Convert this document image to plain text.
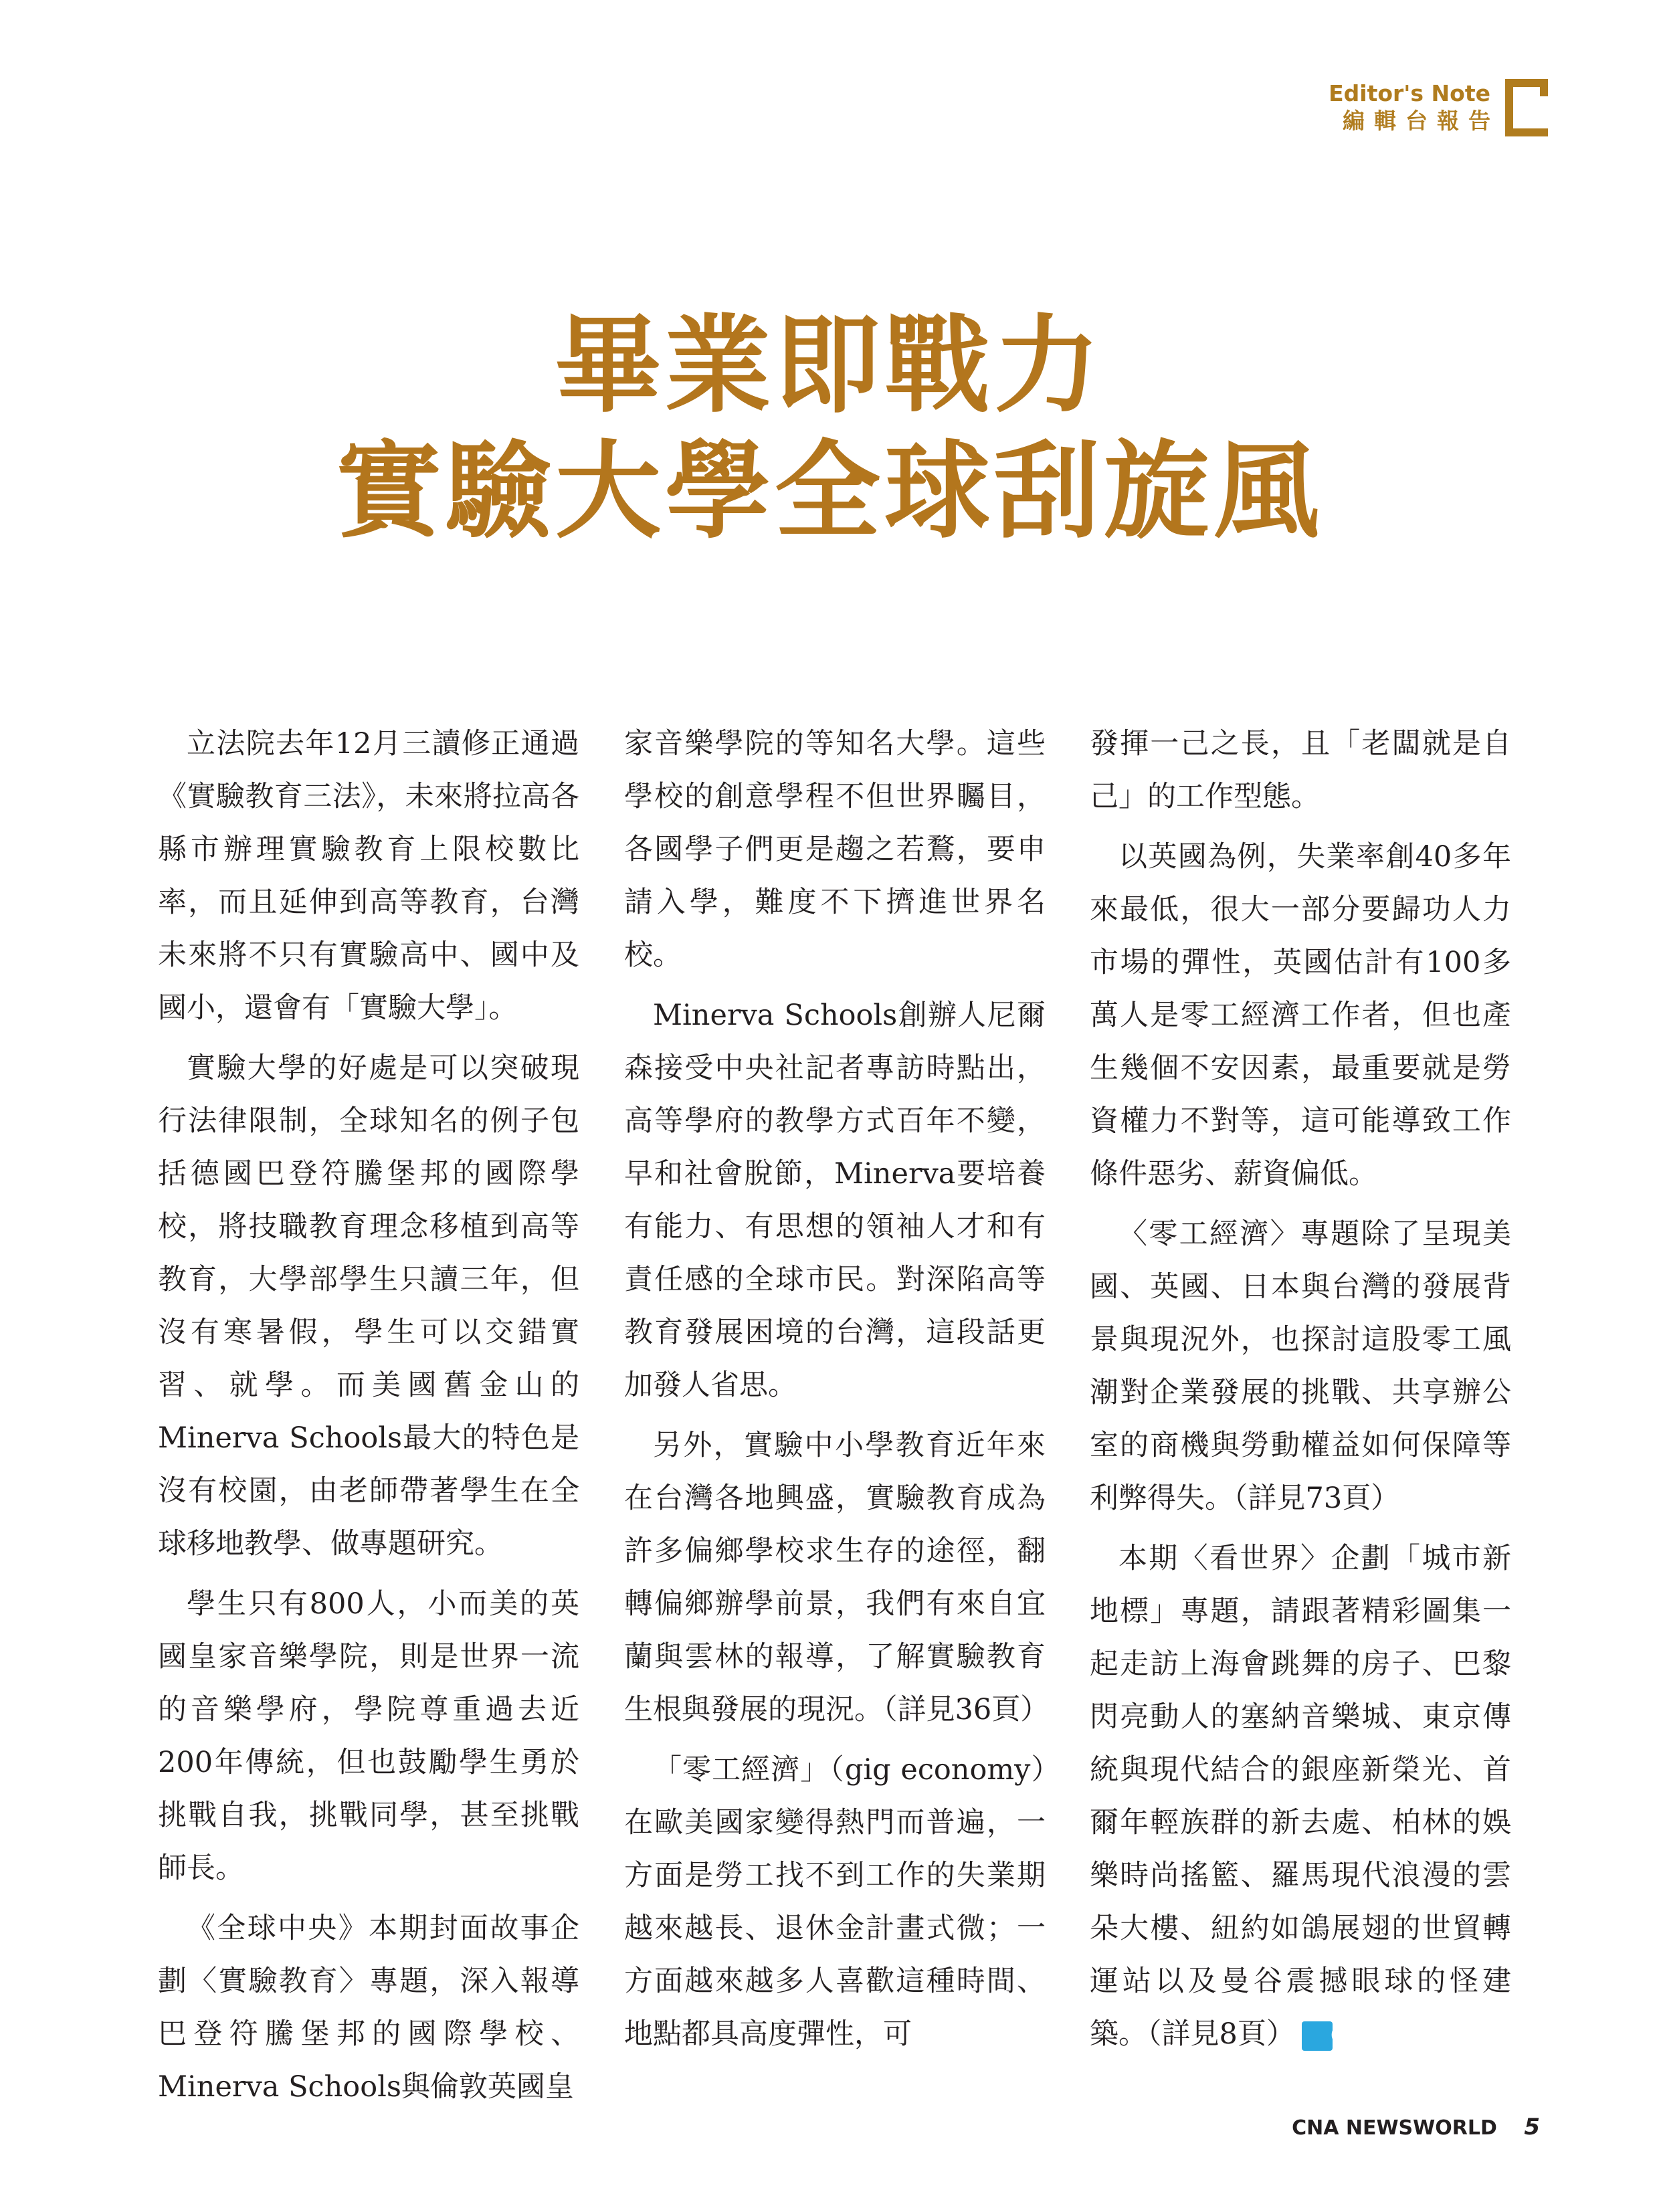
Editor's Note
編輯台報告
畢業即戰力
實驗大學全球刮旋風

立法院去年12月三讀修正通過《實驗教育三法》，未來將拉高各縣市辦理實驗教育上限校數比率，而且延伸到高等教育，台灣未來將不只有實驗高中、國中及國小，還會有「實驗大學」。

實驗大學的好處是可以突破現行法律限制，全球知名的例子包括德國巴登符騰堡邦的國際學校，將技職教育理念移植到高等教育，大學部學生只讀三年，但沒有寒暑假，學生可以交錯實習、就學。而美國舊金山的Minerva Schools最大的特色是沒有校園，由老師帶著學生在全球移地教學、做專題研究。

學生只有800人，小而美的英國皇家音樂學院，則是世界一流的音樂學府，學院尊重過去近200年傳統，但也鼓勵學生勇於挑戰自我，挑戰同學，甚至挑戰師長。

《全球中央》本期封面故事企劃〈實驗教育〉專題，深入報導巴登符騰堡邦的國際學校、Minerva Schools與倫敦英國皇

家音樂學院的等知名大學。這些學校的創意學程不但世界矚目，各國學子們更是趨之若鶩，要申請入學，難度不下擠進世界名校。

Minerva Schools創辦人尼爾森接受中央社記者專訪時點出，高等學府的教學方式百年不變，早和社會脫節，Minerva要培養有能力、有思想的領袖人才和有責任感的全球市民。對深陷高等教育發展困境的台灣，這段話更加發人省思。

另外，實驗中小學教育近年來在台灣各地興盛，實驗教育成為許多偏鄉學校求生存的途徑，翻轉偏鄉辦學前景，我們有來自宜蘭與雲林的報導，了解實驗教育生根與發展的現況。（詳見36頁）

「零工經濟」（gig economy）在歐美國家變得熱門而普遍，一方面是勞工找不到工作的失業期越來越長、退休金計畫式微；一方面越來越多人喜歡這種時間、地點都具高度彈性，可

發揮一己之長，且「老闆就是自己」的工作型態。

以英國為例，失業率創40多年來最低，很大一部分要歸功人力市場的彈性，英國估計有100多萬人是零工經濟工作者，但也產生幾個不安因素，最重要就是勞資權力不對等，這可能導致工作條件惡劣、薪資偏低。

〈零工經濟〉專題除了呈現美國、英國、日本與台灣的發展背景與現況外，也探討這股零工風潮對企業發展的挑戰、共享辦公室的商機與勞動權益如何保障等利弊得失。（詳見73頁）

本期〈看世界〉企劃「城市新地標」專題，請跟著精彩圖集一起走訪上海會跳舞的房子、巴黎閃亮動人的塞納音樂城、東京傳統與現代結合的銀座新榮光、首爾年輕族群的新去處、柏林的娛樂時尚搖籃、羅馬現代浪漫的雲朵大樓、紐約如鴿展翅的世貿轉運站以及曼谷震撼眼球的怪建築。（詳見8頁） C

CNA NEWSWORLD 5
